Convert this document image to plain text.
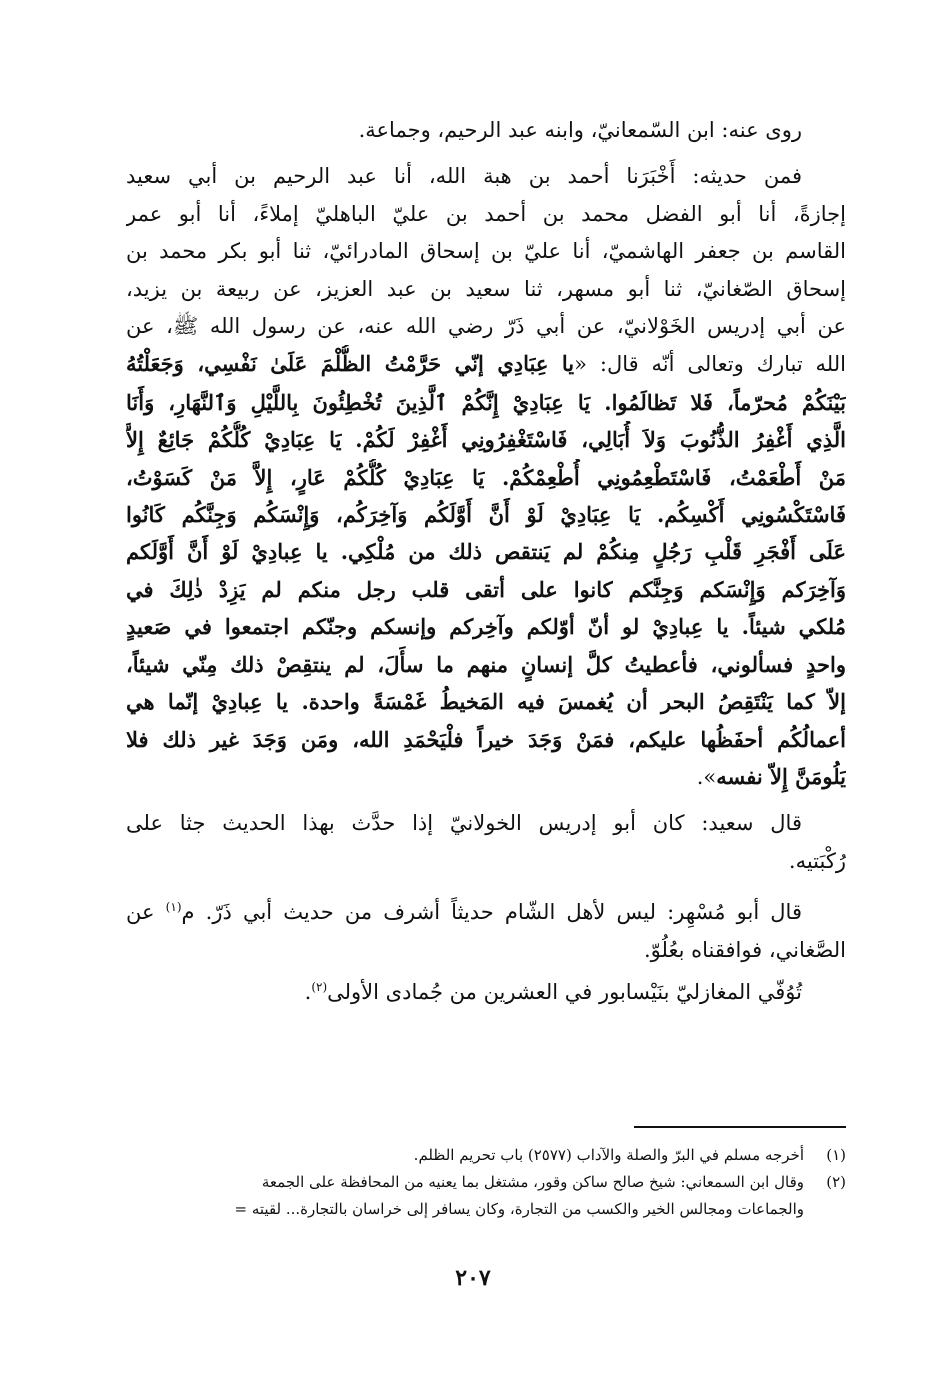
روى عنه: ابن السّمعانيّ، وابنه عبد الرحيم، وجماعة.
فمن حديثه: أَخْبَرَنا أحمد بن هبة الله، أنا عبد الرحيم بن أبي سعيد
إجازةً، أنا أبو الفضل محمد بن أحمد بن عليّ الباهليّ إملاءً، أنا أبو عمر
القاسم بن جعفر الهاشميّ، أنا عليّ بن إسحاق المادرائيّ، ثنا أبو بكر محمد بن
إسحاق الصّغانيّ، ثنا أبو مسهر، ثنا سعيد بن عبد العزيز، عن ربيعة بن يزيد،
عن أبي إدريس الخَوْلانيّ، عن أبي ذَرّ رضي الله عنه، عن رسول الله ﷺ، عن
الله تبارك وتعالى أنّه قال: «يا عِبَادِي إنّي حَرَّمْتُ الظُّلْمَ عَلَىٰ نَفْسِي، وَجَعَلْتُهُ
بَيْنَكُمْ مُحرّماً، فَلا تَظالَمُوا. يَا عِبَادِيْ إِنَّكُمْ ٱلَّذِينَ تُخْطِئُونَ بِاللَّيْلِ وَٱلنَّهَارِ، وَأَنَا
الَّذِي أَغْفِرُ الذُّنُوبَ وَلاَ أُبَالِي، فَاسْتَغْفِرُونِي أَغْفِرْ لَكُمْ. يَا عِبَادِيْ كُلُّكُمْ جَائِعٌ إِلاَّ
مَنْ أَطْعَمْتُ، فَاسْتَطْعِمُونِي أُطْعِمْكُمْ. يَا عِبَادِيْ كُلُّكُمْ عَارٍ، إِلاَّ مَنْ كَسَوْتُ،
فَاسْتَكْسُونِي أَكْسِكُم. يَا عِبَادِيْ لَوْ أَنَّ أَوَّلَكُم وَآخِرَكُم، وَإِنْسَكُم وَجِنَّكُم كَانُوا
عَلَى أَفْجَرِ قَلْبِ رَجُلٍ مِنكُمْ لم يَنتقص ذلك من مُلْكِي. يا عِبادِيْ لَوْ أَنَّ أَوَّلَكم
وَآخِرَكم وَإِنْسَكم وَجِنَّكم كانوا على أتقى قلب رجل منكم لم يَزِدْ ذٰلِكَ في
مُلكي شيئاً. يا عِبادِيْ لو أنّ أوّلكم وآخِركم وإنسكم وجنّكم اجتمعوا في صَعيدٍ
واحدٍ فسألوني، فأعطيتُ كلَّ إنسانٍ منهم ما سأَلَ، لم ينتقِصْ ذلك مِنّي شيئاً،
إلاّ كما يَنْتَقِصُ البحر أن يُغمسَ فيه المَخيطُ غَمْسَةً واحدة. يا عِبادِيْ إنّما هي
أعمالُكُم أحفَظُها عليكم، فمَنْ وَجَدَ خيراً فلْيَحْمَدِ الله، ومَن وَجَدَ غير ذلك فلا
يَلُومَنَّ إِلاّ نفسه».
قال سعيد: كان أبو إدريس الخولانيّ إذا حدَّث بهذا الحديث جثا على
رُكْبَتيه.
قال أبو مُسْهِر: ليس لأهل الشّام حديثاً أشرف من حديث أبي ذَرّ. م$^{(١)}$ عن
الصَّغاني، فوافقناه بعُلُوّ.
تُوُفّي المغازليّ بنَيْسابور في العشرين من جُمادى الأولى$^{(٢)}$.
(١)
أخرجه مسلم في البرّ والصلة والآداب (٢٥٧٧) باب تحريم الظلم.
(٢)
وقال ابن السمعاني: شيخ صالح ساكن وقور، مشتغل بما يعنيه من المحافظة على الجمعة
والجماعات ومجالس الخير والكسب من التجارة، وكان يسافر إلى خراسان بالتجارة... لقيته =
٢٠٧
